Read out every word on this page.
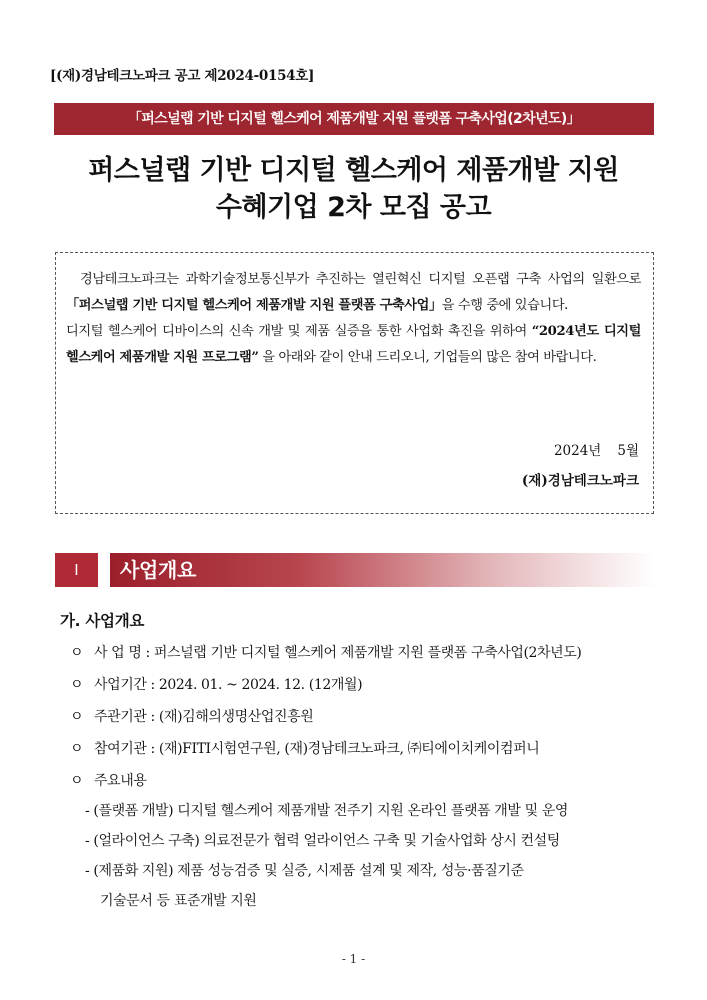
[(재)경남테크노파크 공고 제2024-0154호]
「퍼스널랩 기반 디지털 헬스케어 제품개발 지원 플랫폼 구축사업(2차년도)」
퍼스널랩 기반 디지털 헬스케어 제품개발 지원
수혜기업 2차 모집 공고

경남테크노파크는 과학기술정보통신부가 추진하는 열린혁신 디지털 오픈랩 구축 사업의 일환으로 「퍼스널랩 기반 디지털 헬스케어 제품개발 지원 플랫폼 구축사업」을 수행 중에 있습니다.

디지털 헬스케어 디바이스의 신속 개발 및 제품 실증을 통한 사업화 촉진을 위하여 “2024년도 디지털 헬스케어 제품개발 지원 프로그램” 을 아래와 같이 안내 드리오니, 기업들의 많은 참여 바랍니다.

2024년 5월
(재)경남테크노파크
Ⅰ	사업개요
가. 사업개요
ㅇ 사 업 명 : 퍼스널랩 기반 디지털 헬스케어 제품개발 지원 플랫폼 구축사업(2차년도)
ㅇ 사업기간 : 2024. 01. ~ 2024. 12. (12개월)
ㅇ 주관기관 : (재)김해의생명산업진흥원
ㅇ 참여기관 : (재)FITI시험연구원, (재)경남테크노파크, ㈜티에이치케이컴퍼니
ㅇ 주요내용
- (플랫폼 개발) 디지털 헬스케어 제품개발 전주기 지원 온라인 플랫폼 개발 및 운영
- (얼라이언스 구축) 의료전문가 협력 얼라이언스 구축 및 기술사업화 상시 컨설팅
- (제품화 지원) 제품 성능검증 및 실증, 시제품 설계 및 제작, 성능·품질기준
기술문서 등 표준개발 지원
- 1 -
